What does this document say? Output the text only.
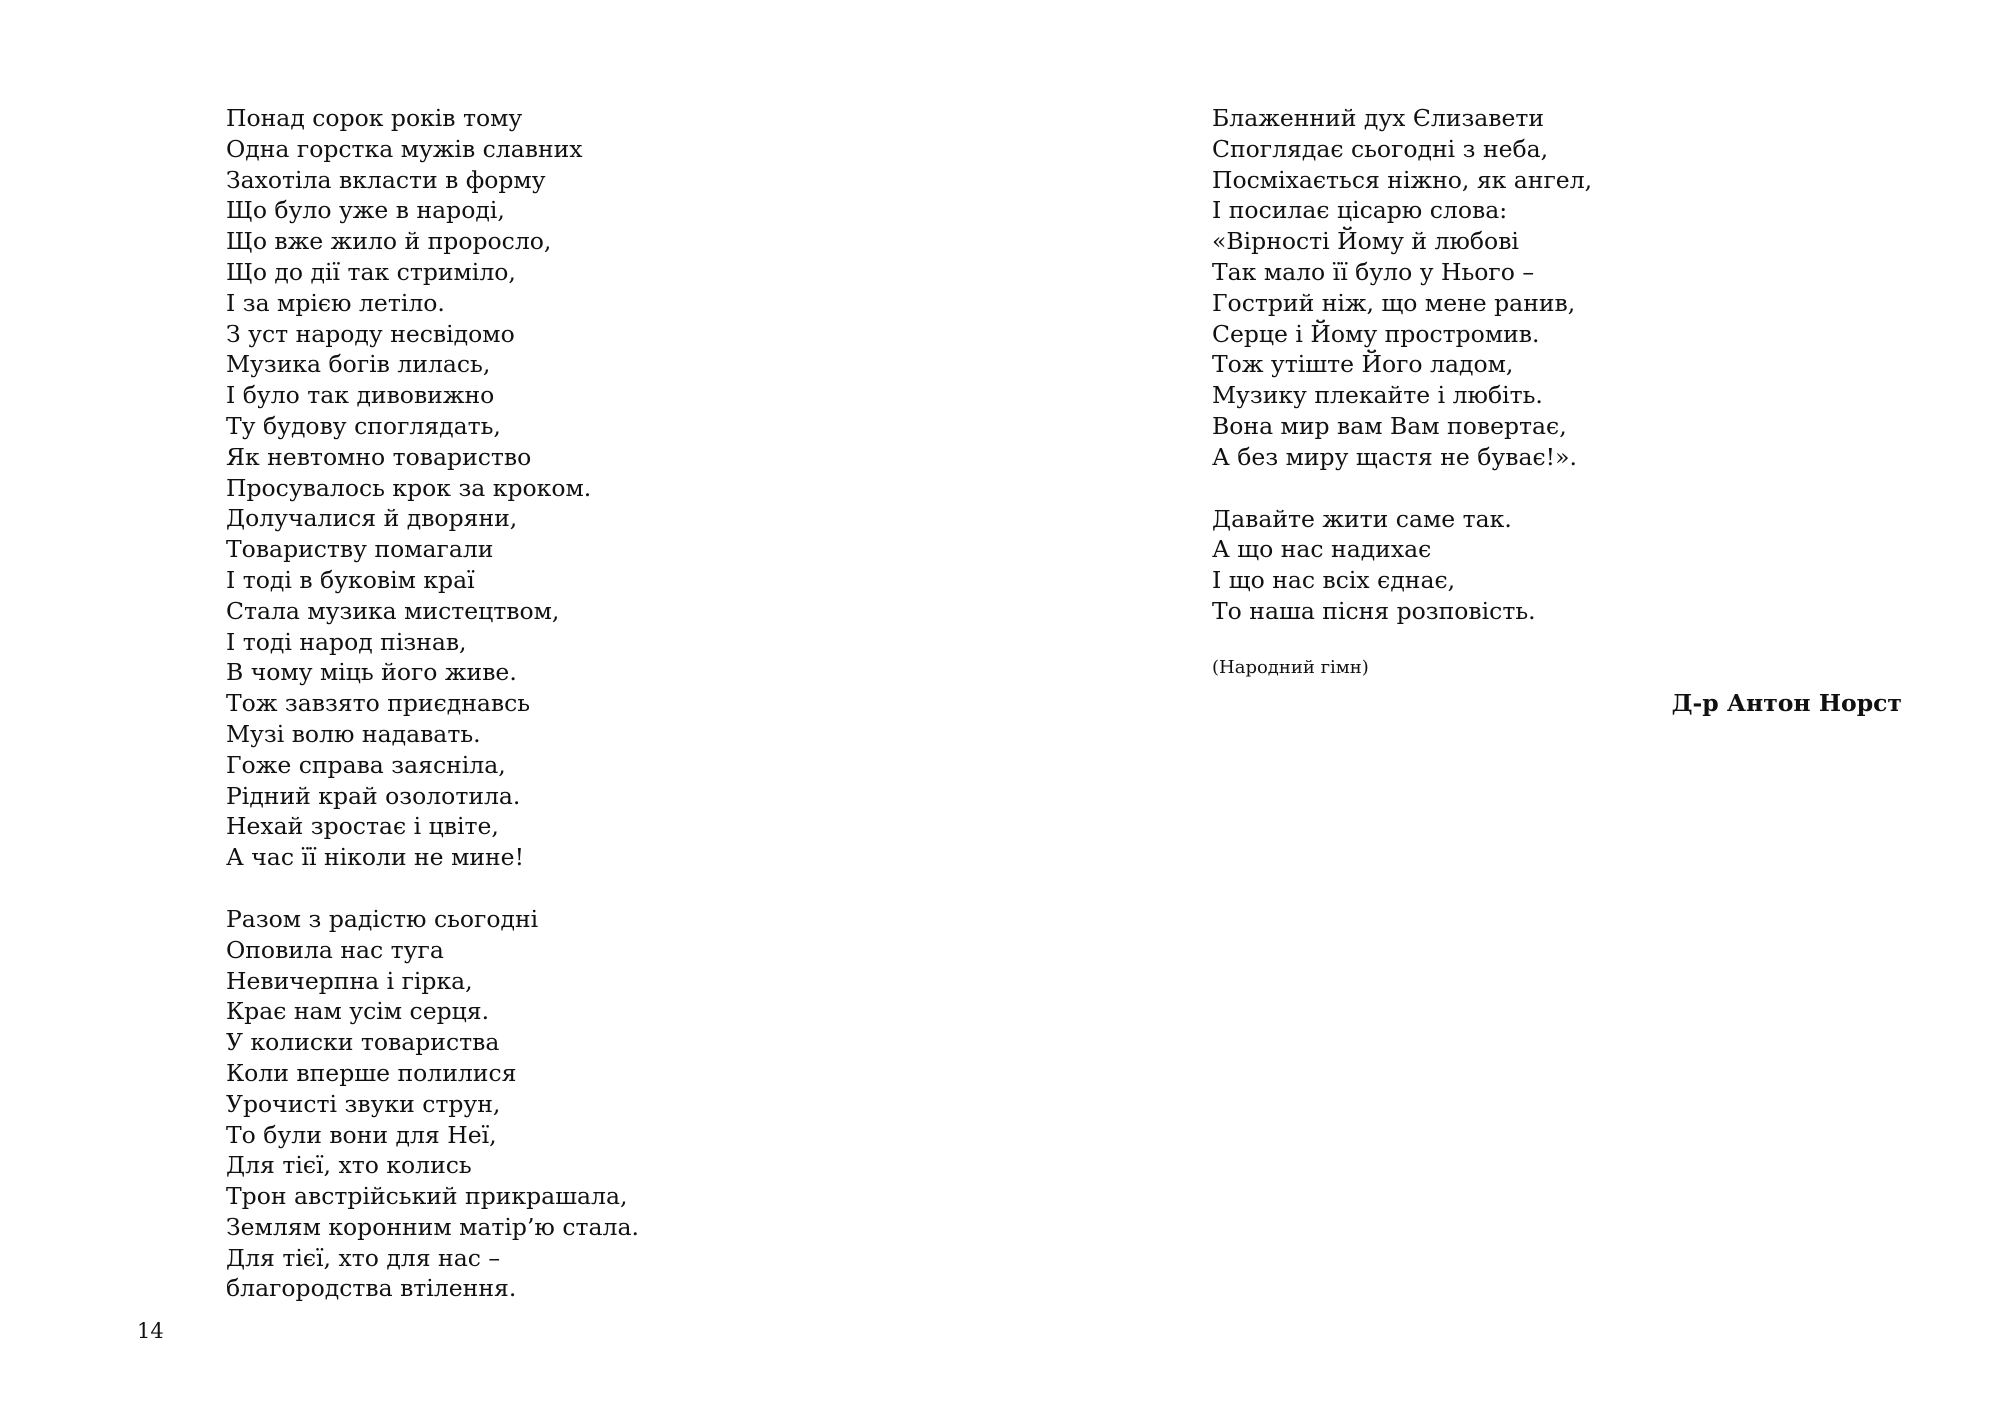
Понад сорок років тому
Одна горстка мужів славних
Захотіла вкласти в форму
Що було уже в народі,
Що вже жило й проросло,
Що до дії так стриміло,
І за мрією летіло.
З уст народу несвідомо
Музика богів лилась,
І було так дивовижно
Ту будову споглядать,
Як невтомно товариство
Просувалось крок за кроком.
Долучалися й дворяни,
Товариству помагали
І тоді в буковім краї
Стала музика мистецтвом,
І тоді народ пізнав,
В чому міць його живе.
Тож завзято приєднавсь
Музі волю надавать.
Гоже справа заясніла,
Рідний край озолотила.
Нехай зростає і цвіте,
А час її ніколи не мине!
Разом з радістю сьогодні
Оповила нас туга
Невичерпна і гірка,
Крає нам усім серця.
У колиски товариства
Коли вперше полилися
Урочисті звуки струн,
То були вони для Неї,
Для тієї, хто колись
Трон австрійський прикрашала,
Землям коронним матір’ю стала.
Для тієї, хто для нас –
благородства втілення.
Блаженний дух Єлизавети
Споглядає сьогодні з неба,
Посміхається ніжно, як ангел,
І посилає цісарю слова:
«Вірності Йому й любові
Так мало її було у Нього –
Гострий ніж, що мене ранив,
Серце і Йому простромив.
Тож утіште Його ладом,
Музику плекайте і любіть.
Вона мир вам Вам повертає,
А без миру щастя не буває!».
Давайте жити саме так.
А що нас надихає
І що нас всіх єднає,
То наша пісня розповість.
(Народний гімн)
Д-р Антон Норст
14
